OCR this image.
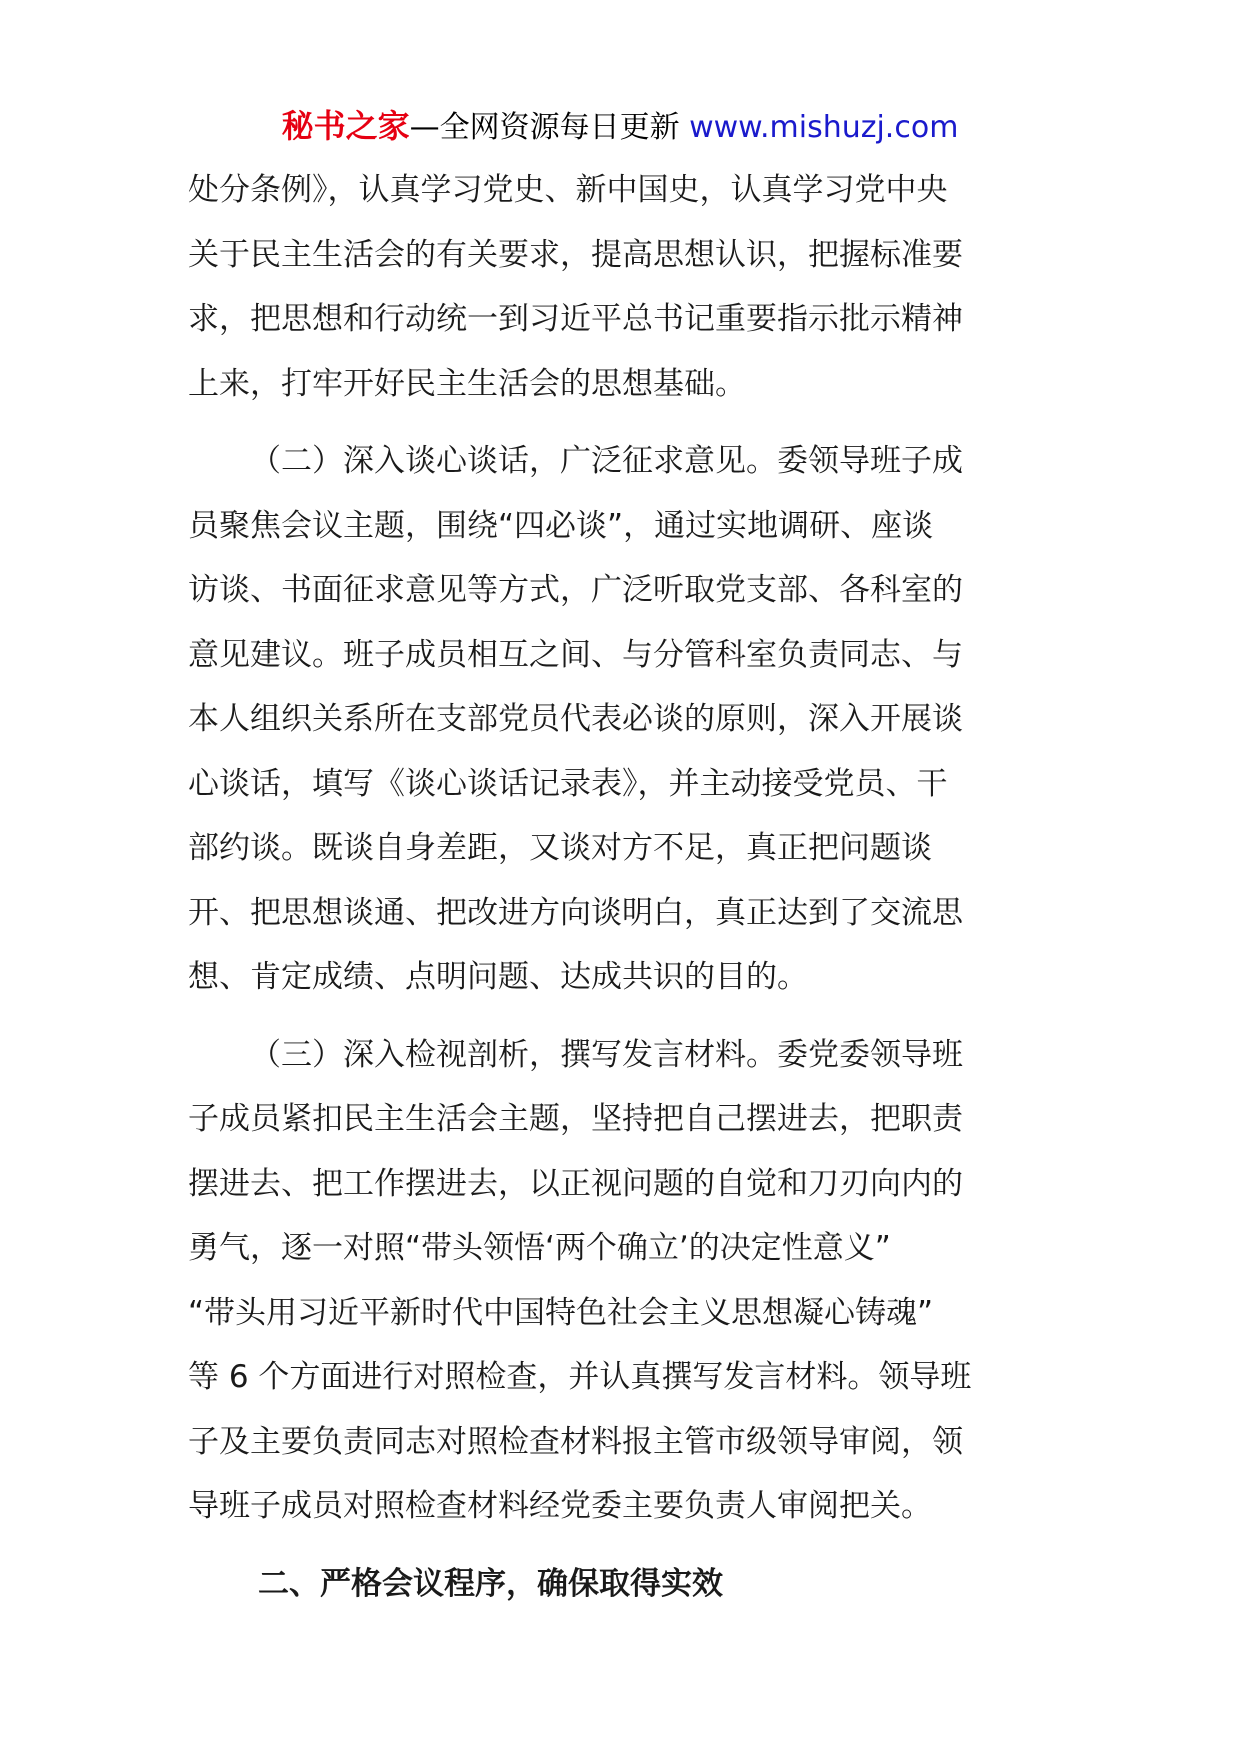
秘书之家—全网资源每日更新 www.mishuzj.com
处分条例》，认真学习党史、新中国史，认真学习党中央
关于民主生活会的有关要求，提高思想认识，把握标准要
求，把思想和行动统一到习近平总书记重要指示批示精神
上来，打牢开好民主生活会的思想基础。
（二）深入谈心谈话，广泛征求意见。委领导班子成
员聚焦会议主题，围绕“四必谈”，通过实地调研、座谈
访谈、书面征求意见等方式，广泛听取党支部、各科室的
意见建议。班子成员相互之间、与分管科室负责同志、与
本人组织关系所在支部党员代表必谈的原则，深入开展谈
心谈话，填写《谈心谈话记录表》，并主动接受党员、干
部约谈。既谈自身差距，又谈对方不足，真正把问题谈
开、把思想谈通、把改进方向谈明白，真正达到了交流思
想、肯定成绩、点明问题、达成共识的目的。
（三）深入检视剖析，撰写发言材料。委党委领导班
子成员紧扣民主生活会主题，坚持把自己摆进去，把职责
摆进去、把工作摆进去，以正视问题的自觉和刀刃向内的
勇气，逐一对照“带头领悟‘两个确立’的决定性意义”
“带头用习近平新时代中国特色社会主义思想凝心铸魂”
等 6 个方面进行对照检查，并认真撰写发言材料。领导班
子及主要负责同志对照检查材料报主管市级领导审阅，领
导班子成员对照检查材料经党委主要负责人审阅把关。
二、严格会议程序，确保取得实效
